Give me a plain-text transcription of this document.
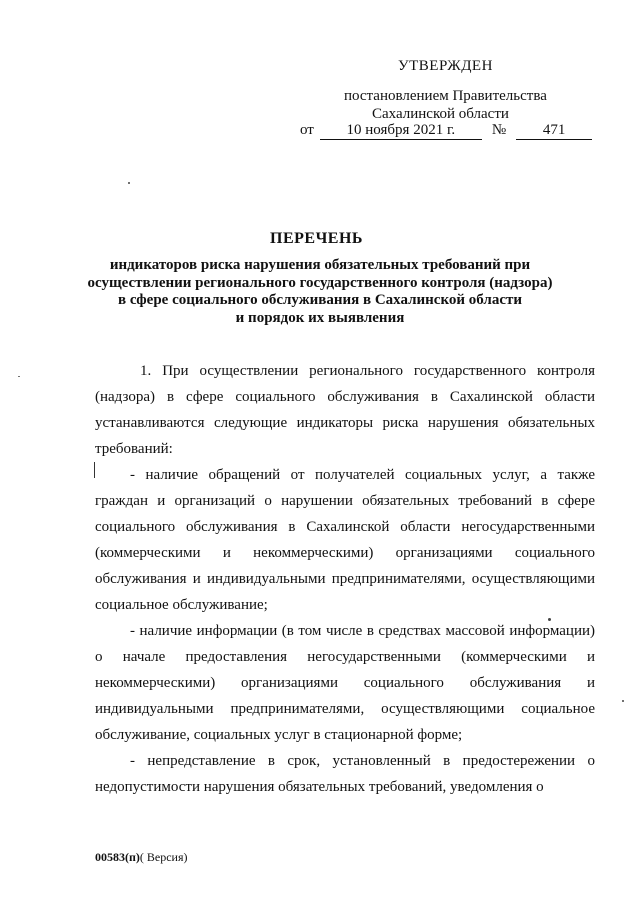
УТВЕРЖДЕН
постановлением Правительства
Сахалинской области
от	10 ноября 2021 г.	№	471
ПЕРЕЧЕНЬ
индикаторов риска нарушения обязательных требований при
осуществлении регионального государственного контроля (надзора)
в сфере социального обслуживания в Сахалинской области
и порядок их выявления

1. При осуществлении регионального государственного контроля (надзора) в сфере социального обслуживания в Сахалинской области устанавливаются следующие индикаторы риска нарушения обязательных требований:

- наличие обращений от получателей социальных услуг, а также граждан и организаций о нарушении обязательных требований в сфере социального обслуживания в Сахалинской области негосударственными (коммерческими и некоммерческими) организациями социального обслуживания и индивидуальными предпринимателями, осуществляющими социальное обслуживание;

- наличие информации (в том числе в средствах массовой информации) о начале предоставления негосударственными (коммерческими и некоммерческими) организациями социального обслуживания и индивидуальными предпринимателями, осуществляющими социальное обслуживание, социальных услуг в стационарной форме;

- непредставление в срок, установленный в предостережении о недопустимости нарушения обязательных требований, уведомления о

00583(п)( Версия)
